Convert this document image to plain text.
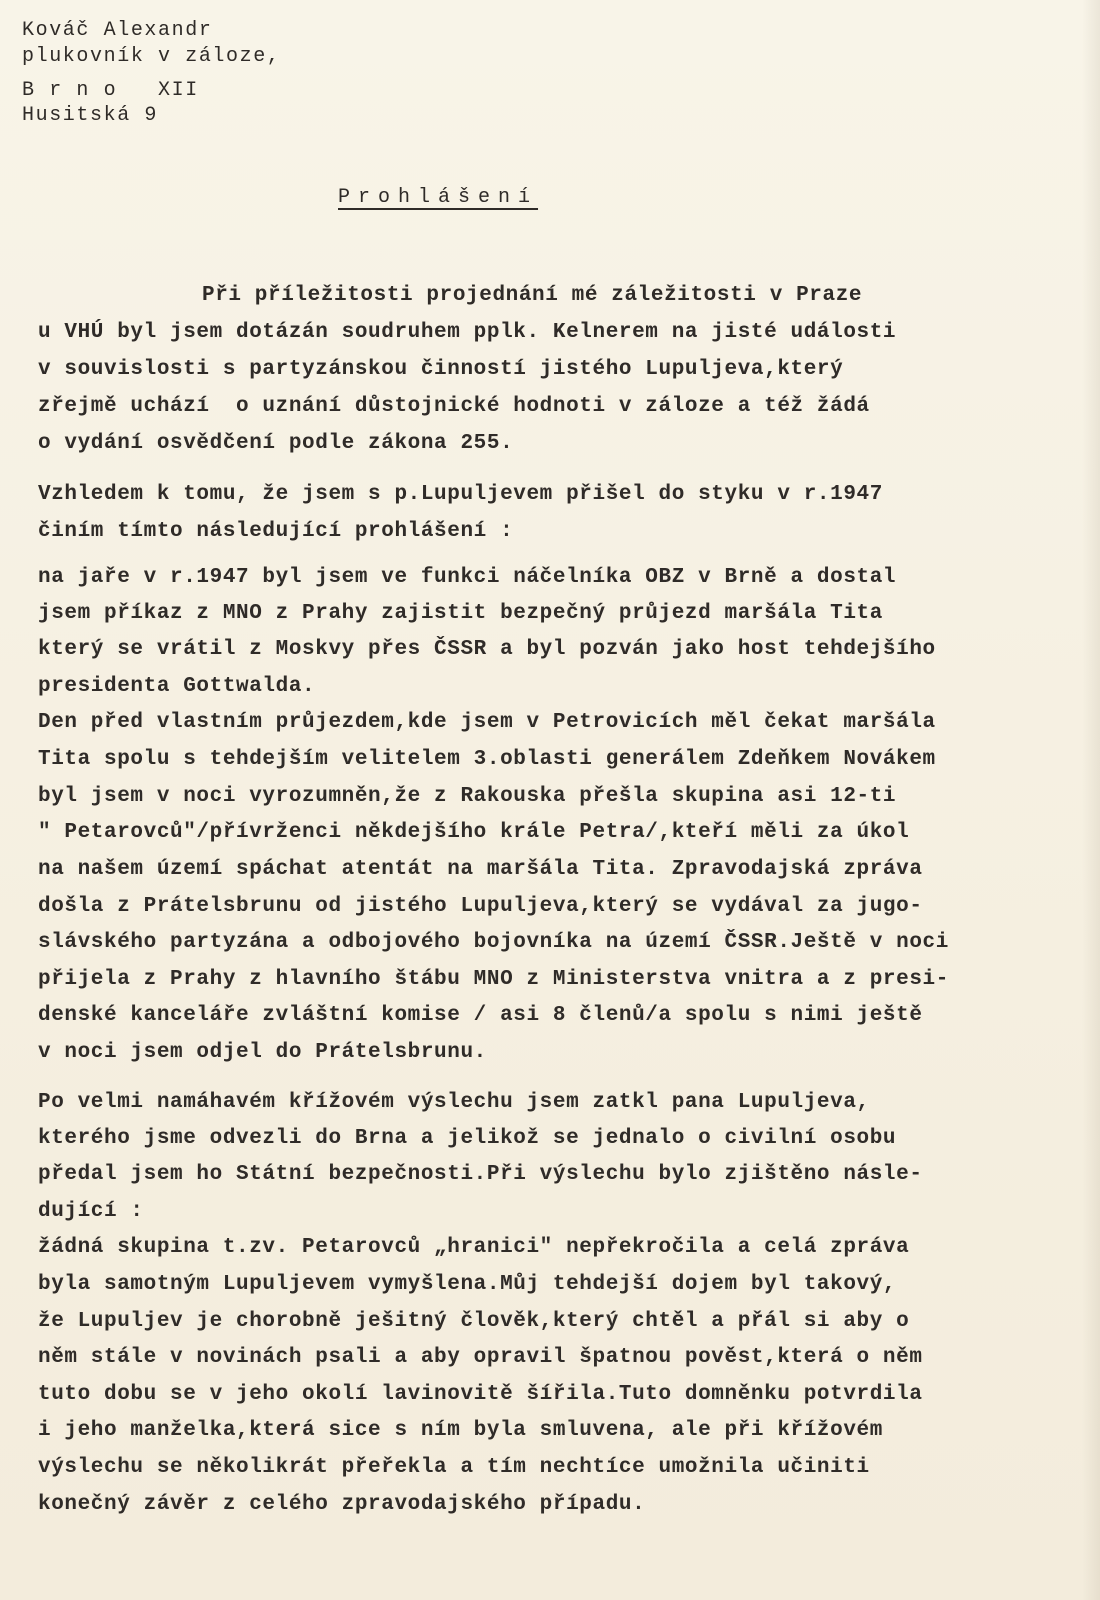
Kováč Alexandr
plukovník v záloze,
B r n o   XII
Husitská 9
Prohlášení
Při příležitosti projednání mé záležitosti v Praze
u VHÚ byl jsem dotázán soudruhem pplk. Kelnerem na jisté události
v souvislosti s partyzánskou činností jistého Lupuljeva,který
zřejmě uchází  o uznání důstojnické hodnoti v záloze a též žádá
o vydání osvědčení podle zákona 255.
Vzhledem k tomu, že jsem s p.Lupuljevem přišel do styku v r.1947
činím tímto následující prohlášení :
na jaře v r.1947 byl jsem ve funkci náčelníka OBZ v Brně a dostal
jsem příkaz z MNO z Prahy zajistit bezpečný průjezd maršála Tita
který se vrátil z Moskvy přes ČSSR a byl pozván jako host tehdejšího
presidenta Gottwalda.
Den před vlastním průjezdem,kde jsem v Petrovicích měl čekat maršála
Tita spolu s tehdejším velitelem 3.oblasti generálem Zdeňkem Novákem
byl jsem v noci vyrozumněn,že z Rakouska přešla skupina asi 12-ti
" Petarovců"/přívrženci někdejšího krále Petra/,kteří měli za úkol
na našem území spáchat atentát na maršála Tita. Zpravodajská zpráva
došla z Prátelsbrunu od jistého Lupuljeva,který se vydával za jugo-
slávského partyzána a odbojového bojovníka na území ČSSR.Ještě v noci
přijela z Prahy z hlavního štábu MNO z Ministerstva vnitra a z presi-
denské kanceláře zvláštní komise / asi 8 členů/a spolu s nimi ještě
v noci jsem odjel do Prátelsbrunu.
Po velmi namáhavém křížovém výslechu jsem zatkl pana Lupuljeva,
kterého jsme odvezli do Brna a jelikož se jednalo o civilní osobu
předal jsem ho Státní bezpečnosti.Při výslechu bylo zjištěno násle-
dující :
žádná skupina t.zv. Petarovců „hranici" nepřekročila a celá zpráva
byla samotným Lupuljevem vymyšlena.Můj tehdejší dojem byl takový,
že Lupuljev je chorobně ješitný člověk,který chtěl a přál si aby o
něm stále v novinách psali a aby opravil špatnou pověst,která o něm
tuto dobu se v jeho okolí lavinovitě šířila.Tuto domněnku potvrdila
i jeho manželka,která sice s ním byla smluvena, ale při křížovém
výslechu se několikrát přeřekla a tím nechtíce umožnila učiniti
konečný závěr z celého zpravodajského případu.
